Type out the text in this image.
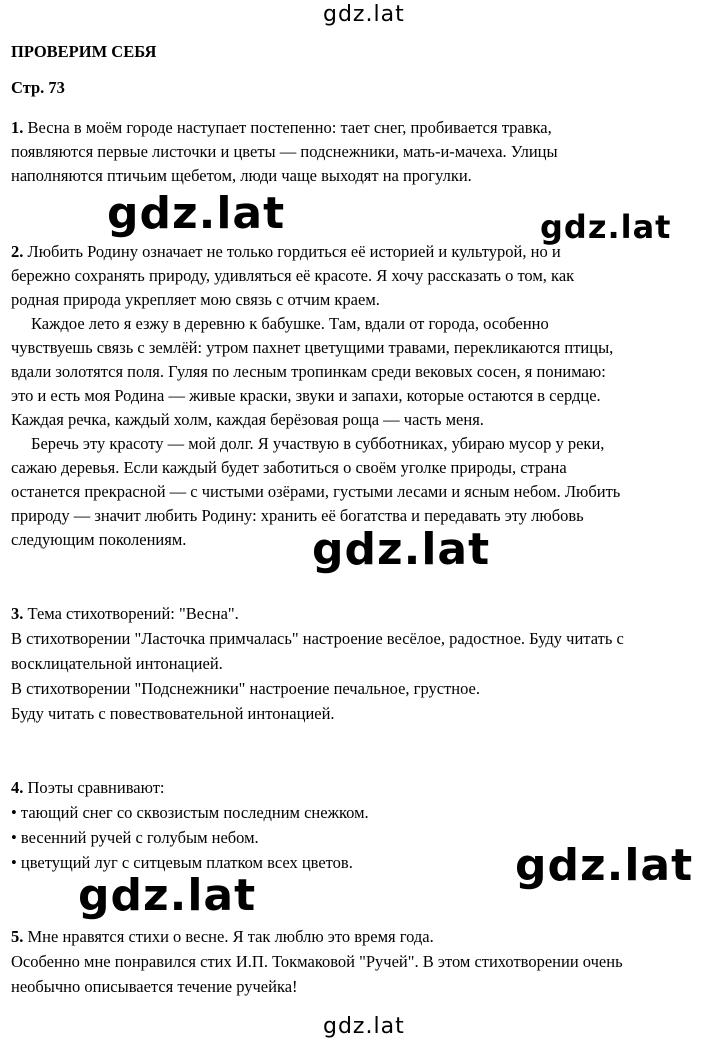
gdz.lat
ПРОВЕРИМ СЕБЯ
Стр. 73
1. Весна в моём городе наступает постепенно: тает снег, пробивается травка,
появляются первые листочки и цветы — подснежники, мать-и-мачеха. Улицы
наполняются птичьим щебетом, люди чаще выходят на прогулки.
gdz.lat	gdz.lat
2. Любить Родину означает не только гордиться её историей и культурой, но и
бережно сохранять природу, удивляться её красоте. Я хочу рассказать о том, как
родная природа укрепляет мою связь с отчим краем.
Каждое лето я езжу в деревню к бабушке. Там, вдали от города, особенно
чувствуешь связь с землёй: утром пахнет цветущими травами, перекликаются птицы,
вдали золотятся поля. Гуляя по лесным тропинкам среди вековых сосен, я понимаю:
это и есть моя Родина — живые краски, звуки и запахи, которые остаются в сердце.
Каждая речка, каждый холм, каждая берёзовая роща — часть меня.
Беречь эту красоту — мой долг. Я участвую в субботниках, убираю мусор у реки,
сажаю деревья. Если каждый будет заботиться о своём уголке природы, страна
останется прекрасной — с чистыми озёрами, густыми лесами и ясным небом. Любить
природу — значит любить Родину: хранить её богатства и передавать эту любовь
следующим поколениям.	gdz.lat
3. Тема стихотворений: "Весна".
В стихотворении "Ласточка примчалась" настроение весёлое, радостное. Буду читать с
восклицательной интонацией.
В стихотворении "Подснежники" настроение печальное, грустное.
Буду читать с повествовательной интонацией.
4. Поэты сравнивают:
• тающий снег со сквозистым последним снежком.
• весенний ручей с голубым небом.
• цветущий луг с ситцевым платком всех цветов.	gdz.lat
gdz.lat
5. Мне нравятся стихи о весне. Я так люблю это время года.
Особенно мне понравился стих И.П. Токмаковой "Ручей". В этом стихотворении очень
необычно описывается течение ручейка!
gdz.lat
